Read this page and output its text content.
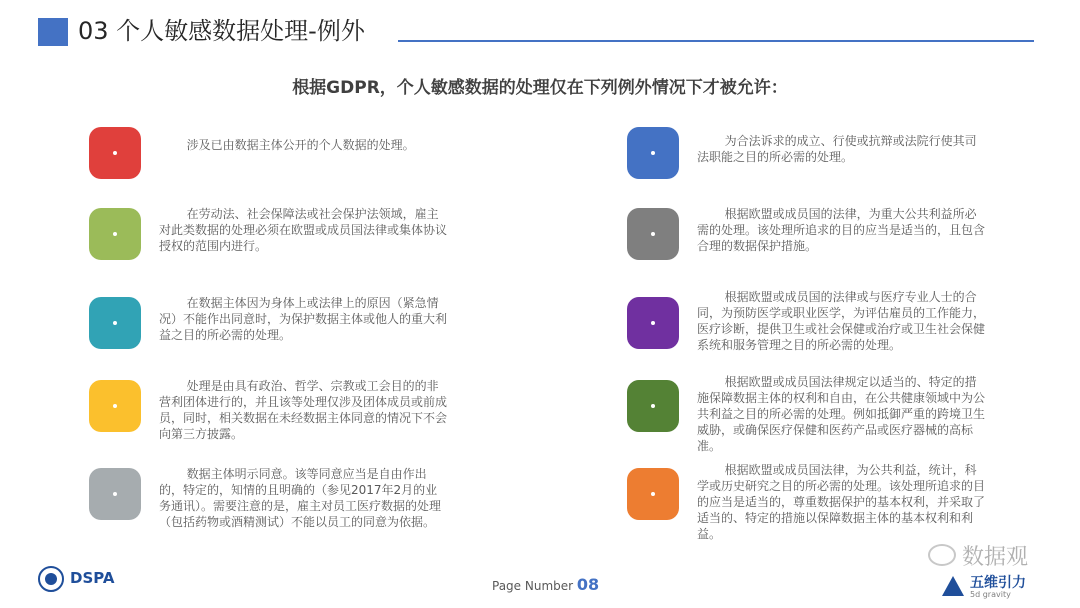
03 个人敏感数据处理-例外
根据GDPR，个人敏感数据的处理仅在下列例外情况下才被允许：
涉及已由数据主体公开的个人数据的处理。
在劳动法、社会保障法或社会保护法领域，雇主对此类数据的处理必须在欧盟或成员国法律或集体协议授权的范围内进行。
在数据主体因为身体上或法律上的原因（紧急情况）不能作出同意时，为保护数据主体或他人的重大利益之目的所必需的处理。
处理是由具有政治、哲学、宗教或工会目的的非营利团体进行的，并且该等处理仅涉及团体成员或前成员，同时，相关数据在未经数据主体同意的情况下不会向第三方披露。
数据主体明示同意。该等同意应当是自由作出的，特定的，知情的且明确的（参见2017年2月的业务通讯）。需要注意的是，雇主对员工医疗数据的处理（包括药物或酒精测试）不能以员工的同意为依据。
为合法诉求的成立、行使或抗辩或法院行使其司法职能之目的所必需的处理。
根据欧盟或成员国的法律，为重大公共利益所必需的处理。该处理所追求的目的应当是适当的，且包含合理的数据保护措施。
根据欧盟或成员国的法律或与医疗专业人士的合同，为预防医学或职业医学，为评估雇员的工作能力，医疗诊断，提供卫生或社会保健或治疗或卫生社会保健系统和服务管理之目的所必需的处理。
根据欧盟或成员国法律规定以适当的、特定的措施保障数据主体的权利和自由，在公共健康领域中为公共利益之目的所必需的处理。例如抵御严重的跨境卫生威胁，或确保医疗保健和医药产品或医疗器械的高标准。
根据欧盟或成员国法律，为公共利益，统计，科学或历史研究之目的所必需的处理。该处理所追求的目的应当是适当的，尊重数据保护的基本权利，并采取了适当的、特定的措施以保障数据主体的基本权利和利益。
DSPA	Page Number 08
数据观
五维引力
5d gravity
